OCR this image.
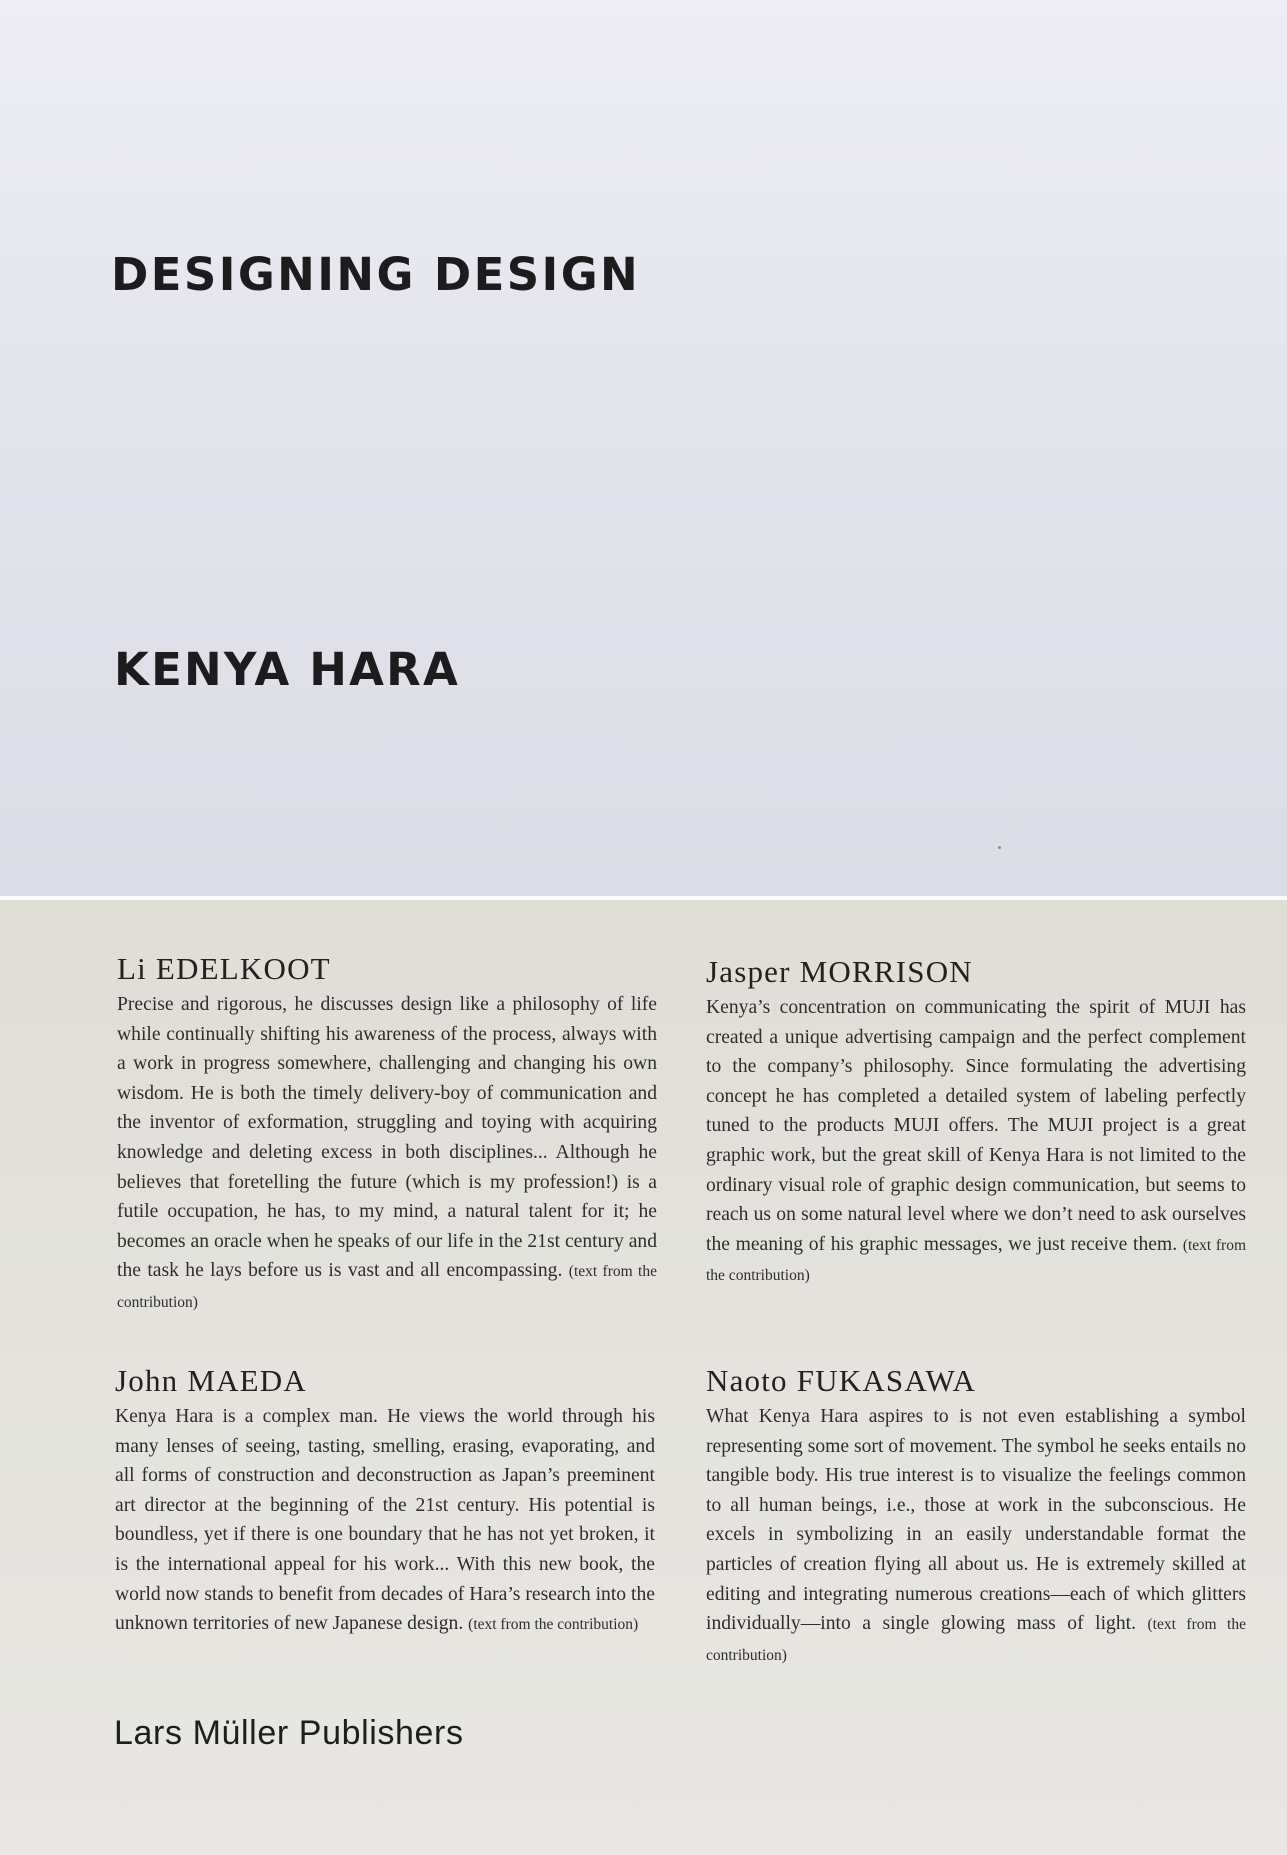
DESIGNING DESIGN
KENYA HARA
Li EDELKOOT

Precise and rigorous, he discusses design like a philosophy of life while continually shifting his awareness of the process, always with a work in progress somewhere, challenging and changing his own wisdom. He is both the timely delivery-boy of communication and the inventor of exformation, struggling and toying with acquiring knowledge and deleting excess in both disciplines... Although he believes that foretelling the future (which is my profession!) is a futile occupation, he has, to my mind, a natural talent for it; he becomes an oracle when he speaks of our life in the 21st century and the task he lays before us is vast and all encompassing. (text from the contribution)

Jasper MORRISON

Kenya’s concentration on communicating the spirit of MUJI has created a unique advertising campaign and the perfect complement to the company’s philosophy. Since formulating the advertising concept he has completed a detailed system of labeling perfectly tuned to the products MUJI offers. The MUJI project is a great graphic work, but the great skill of Kenya Hara is not limited to the ordinary visual role of graphic design communication, but seems to reach us on some natural level where we don’t need to ask ourselves the meaning of his graphic messages, we just receive them. (text from the contribution)

John MAEDA

Kenya Hara is a complex man. He views the world through his many lenses of seeing, tasting, smelling, erasing, evaporating, and all forms of construction and deconstruction as Japan’s preeminent art director at the beginning of the 21st century. His potential is boundless, yet if there is one boundary that he has not yet broken, it is the international appeal for his work... With this new book, the world now stands to benefit from decades of Hara’s research into the unknown territories of new Japanese design. (text from the contribution)

Naoto FUKASAWA

What Kenya Hara aspires to is not even establishing a symbol representing some sort of movement. The symbol he seeks entails no tangible body. His true interest is to visualize the feelings common to all human beings, i.e., those at work in the subconscious. He excels in symbolizing in an easily understandable format the particles of creation flying all about us. He is extremely skilled at editing and integrating numerous creations—each of which glitters individually—into a single glowing mass of light. (text from the contribution)

Lars Müller Publishers
